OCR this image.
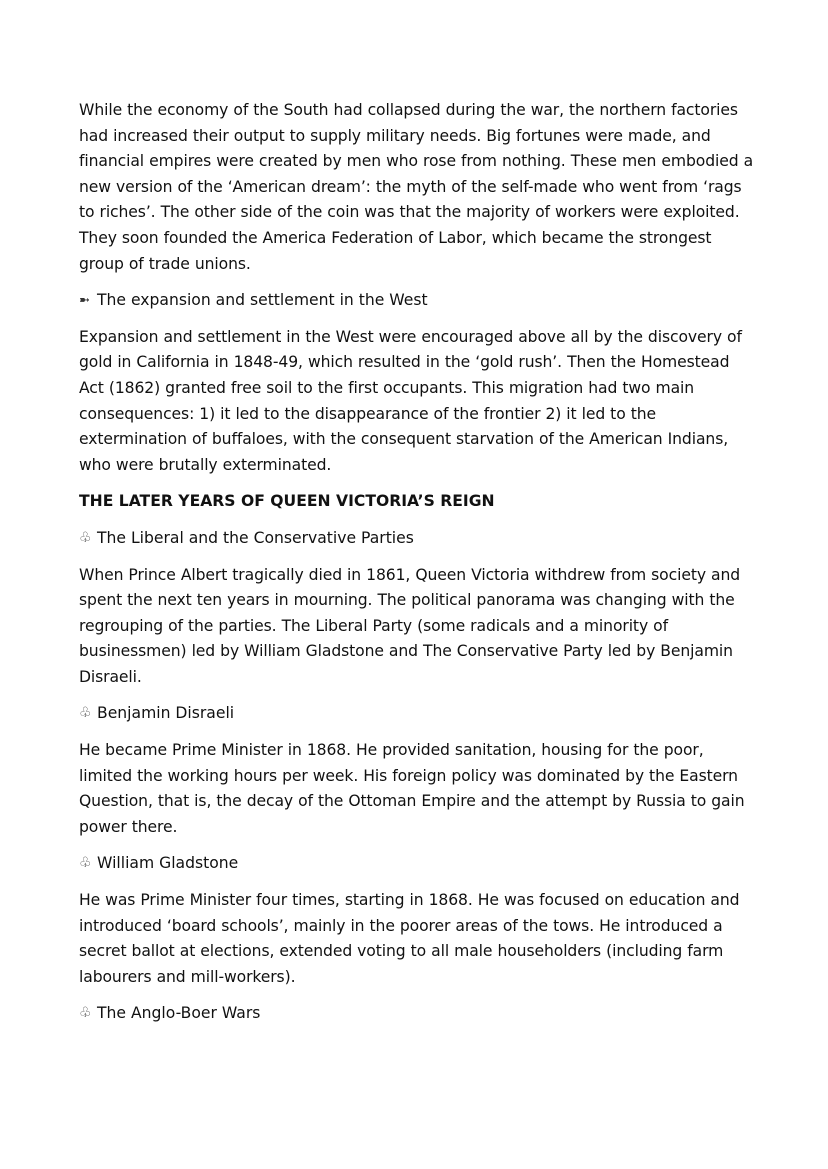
While the economy of the South had collapsed during the war, the northern factories had increased their output to supply military needs. Big fortunes were made, and financial empires were created by men who rose from nothing. These men embodied a new version of the ‘American dream’: the myth of the self-made who went from ‘rags to riches’. The other side of the coin was that the majority of workers were exploited. They soon founded the America Federation of Labor, which became the strongest group of trade unions.

➼ The expansion and settlement in the West

Expansion and settlement in the West were encouraged above all by the discovery of gold in California in 1848-49, which resulted in the ‘gold rush’. Then the Homestead Act (1862) granted free soil to the first occupants. This migration had two main consequences: 1) it led to the disappearance of the frontier 2) it led to the extermination of buffaloes, with the consequent starvation of the American Indians, who were brutally exterminated.

THE LATER YEARS OF QUEEN VICTORIA’S REIGN
♧ The Liberal and the Conservative Parties

When Prince Albert tragically died in 1861, Queen Victoria withdrew from society and spent the next ten years in mourning. The political panorama was changing with the regrouping of the parties. The Liberal Party (some radicals and a minority of businessmen) led by William Gladstone and The Conservative Party led by Benjamin Disraeli.

♧ Benjamin Disraeli

He became Prime Minister in 1868. He provided sanitation, housing for the poor, limited the working hours per week. His foreign policy was dominated by the Eastern Question, that is, the decay of the Ottoman Empire and the attempt by Russia to gain power there.

♧ William Gladstone

He was Prime Minister four times, starting in 1868. He was focused on education and introduced ‘board schools’, mainly in the poorer areas of the tows. He introduced a secret ballot at elections, extended voting to all male householders (including farm labourers and mill-workers).

♧ The Anglo-Boer Wars
